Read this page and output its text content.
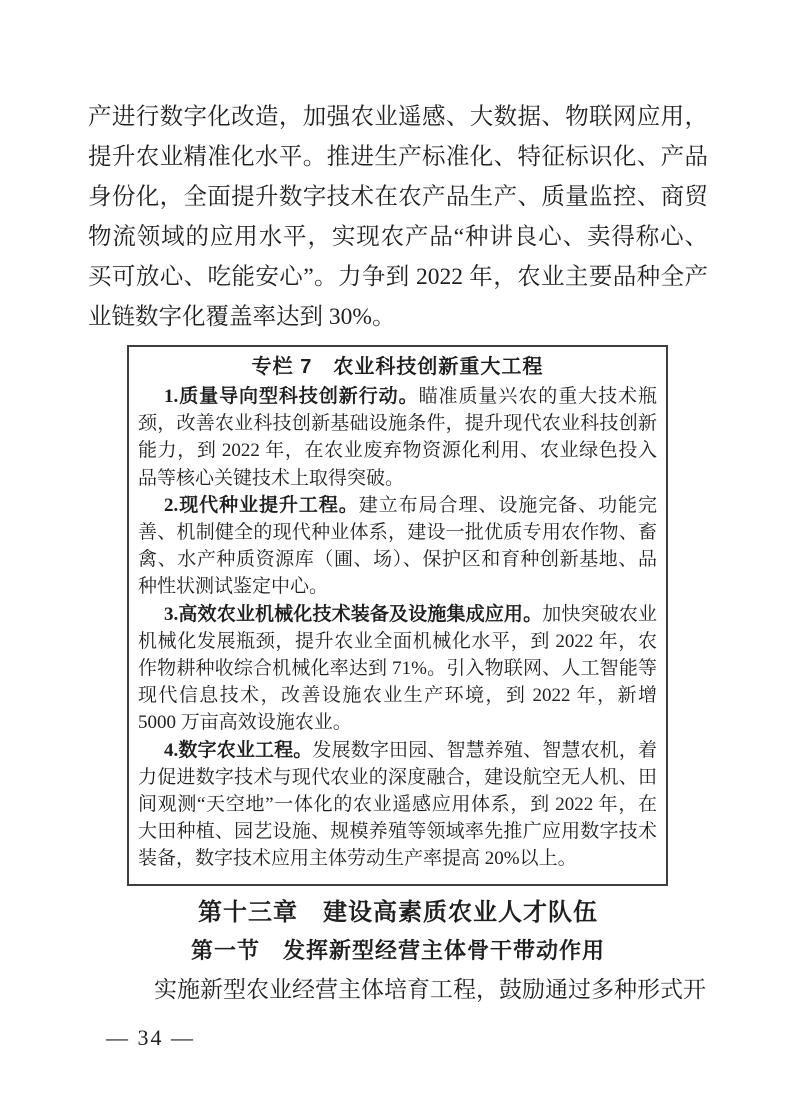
产进行数字化改造，加强农业遥感、大数据、物联网应用，提升农业精准化水平。推进生产标准化、特征标识化、产品身份化，全面提升数字技术在农产品生产、质量监控、商贸物流领域的应用水平，实现农产品“种讲良心、卖得称心、买可放心、吃能安心”。力争到 2022 年，农业主要品种全产业链数字化覆盖率达到 30%。
专栏 7　农业科技创新重大工程

1.质量导向型科技创新行动。瞄准质量兴农的重大技术瓶颈，改善农业科技创新基础设施条件，提升现代农业科技创新能力，到 2022 年，在农业废弃物资源化利用、农业绿色投入品等核心关键技术上取得突破。

2.现代种业提升工程。建立布局合理、设施完备、功能完善、机制健全的现代种业体系，建设一批优质专用农作物、畜禽、水产种质资源库（圃、场）、保护区和育种创新基地、品种性状测试鉴定中心。

3.高效农业机械化技术装备及设施集成应用。加快突破农业机械化发展瓶颈，提升农业全面机械化水平，到 2022 年，农作物耕种收综合机械化率达到 71%。引入物联网、人工智能等现代信息技术，改善设施农业生产环境，到 2022 年，新增 5000 万亩高效设施农业。

4.数字农业工程。发展数字田园、智慧养殖、智慧农机，着力促进数字技术与现代农业的深度融合，建设航空无人机、田间观测“天空地”一体化的农业遥感应用体系，到 2022 年，在大田种植、园艺设施、规模养殖等领域率先推广应用数字技术装备，数字技术应用主体劳动生产率提高 20%以上。

第十三章　建设高素质农业人才队伍
第一节　发挥新型经营主体骨干带动作用
实施新型农业经营主体培育工程，鼓励通过多种形式开
— 34 —
